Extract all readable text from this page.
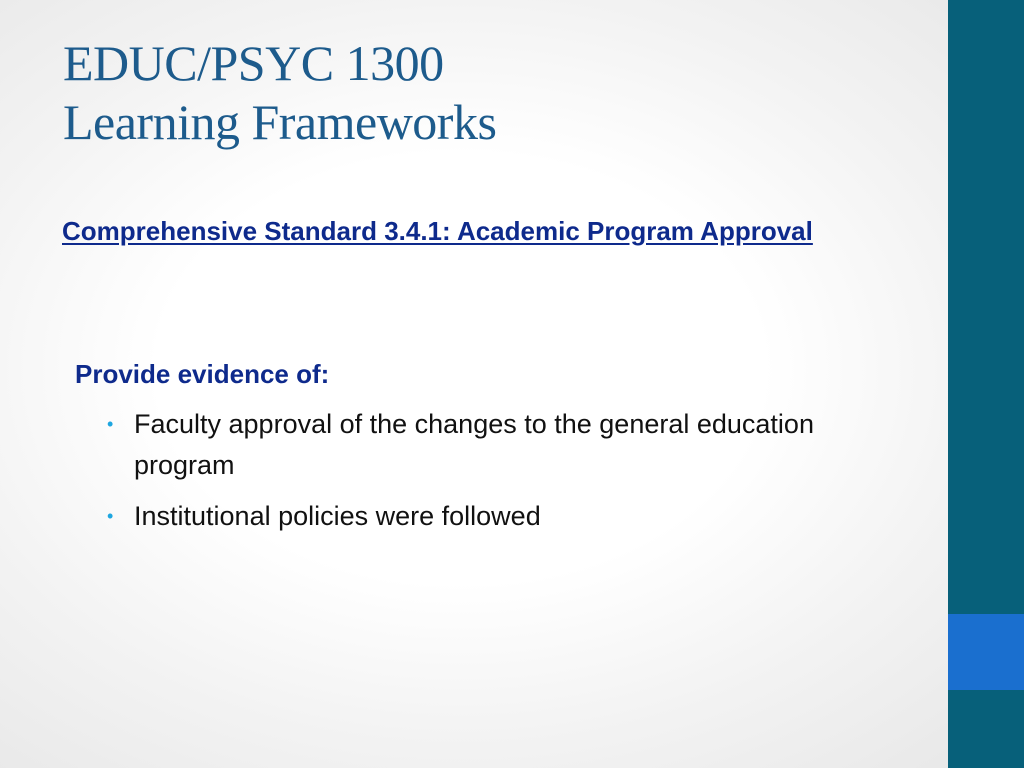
EDUC/PSYC 1300
Learning Frameworks
Comprehensive Standard 3.4.1: Academic Program Approval
Provide evidence of:
• Faculty approval of the changes to the general education program
• Institutional policies were followed
